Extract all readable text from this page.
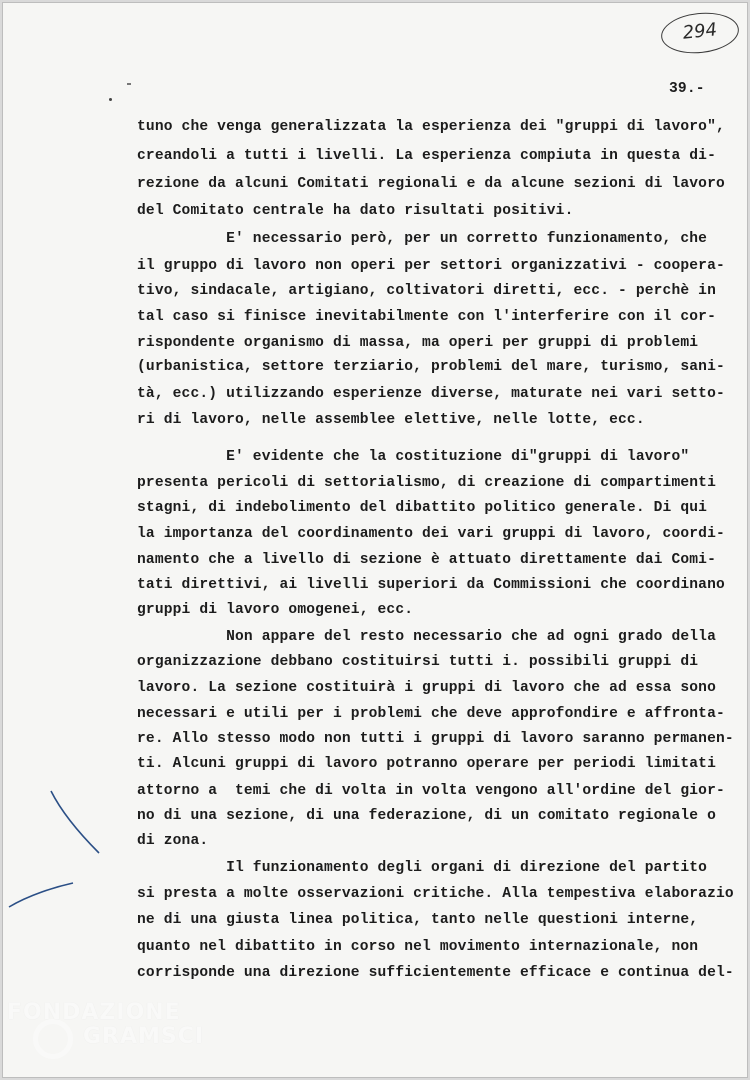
294
39.-
tuno che venga generalizzata la esperienza dei "gruppi di lavoro",
creandoli a tutti i livelli. La esperienza compiuta in questa di-
rezione da alcuni Comitati regionali e da alcune sezioni di lavoro
del Comitato centrale ha dato risultati positivi.
E' necessario però, per un corretto funzionamento, che
il gruppo di lavoro non operi per settori organizzativi - coopera-
tivo, sindacale, artigiano, coltivatori diretti, ecc. - perchè in
tal caso si finisce inevitabilmente con l'interferire con il cor-
rispondente organismo di massa, ma operi per gruppi di problemi
(urbanistica, settore terziario, problemi del mare, turismo, sani-
tà, ecc.) utilizzando esperienze diverse, maturate nei vari setto-
ri di lavoro, nelle assemblee elettive, nelle lotte, ecc.
E' evidente che la costituzione di"gruppi di lavoro"
presenta pericoli di settorialismo, di creazione di compartimenti
stagni, di indebolimento del dibattito politico generale. Di qui
la importanza del coordinamento dei vari gruppi di lavoro, coordi-
namento che a livello di sezione è attuato direttamente dai Comi-
tati direttivi, ai livelli superiori da Commissioni che coordinano
gruppi di lavoro omogenei, ecc.
Non appare del resto necessario che ad ogni grado della
organizzazione debbano costituirsi tutti i. possibili gruppi di
lavoro. La sezione costituirà i gruppi di lavoro che ad essa sono
necessari e utili per i problemi che deve approfondire e affronta-
re. Allo stesso modo non tutti i gruppi di lavoro saranno permanen-
ti. Alcuni gruppi di lavoro potranno operare per periodi limitati
attorno a  temi che di volta in volta vengono all'ordine del gior-
no di una sezione, di una federazione, di un comitato regionale o
di zona.
Il funzionamento degli organi di direzione del partito
si presta a molte osservazioni critiche. Alla tempestiva elaborazio
ne di una giusta linea politica, tanto nelle questioni interne,
quanto nel dibattito in corso nel movimento internazionale, non
corrisponde una direzione sufficientemente efficace e continua del-
FONDAZIONE
GRAMSCI
